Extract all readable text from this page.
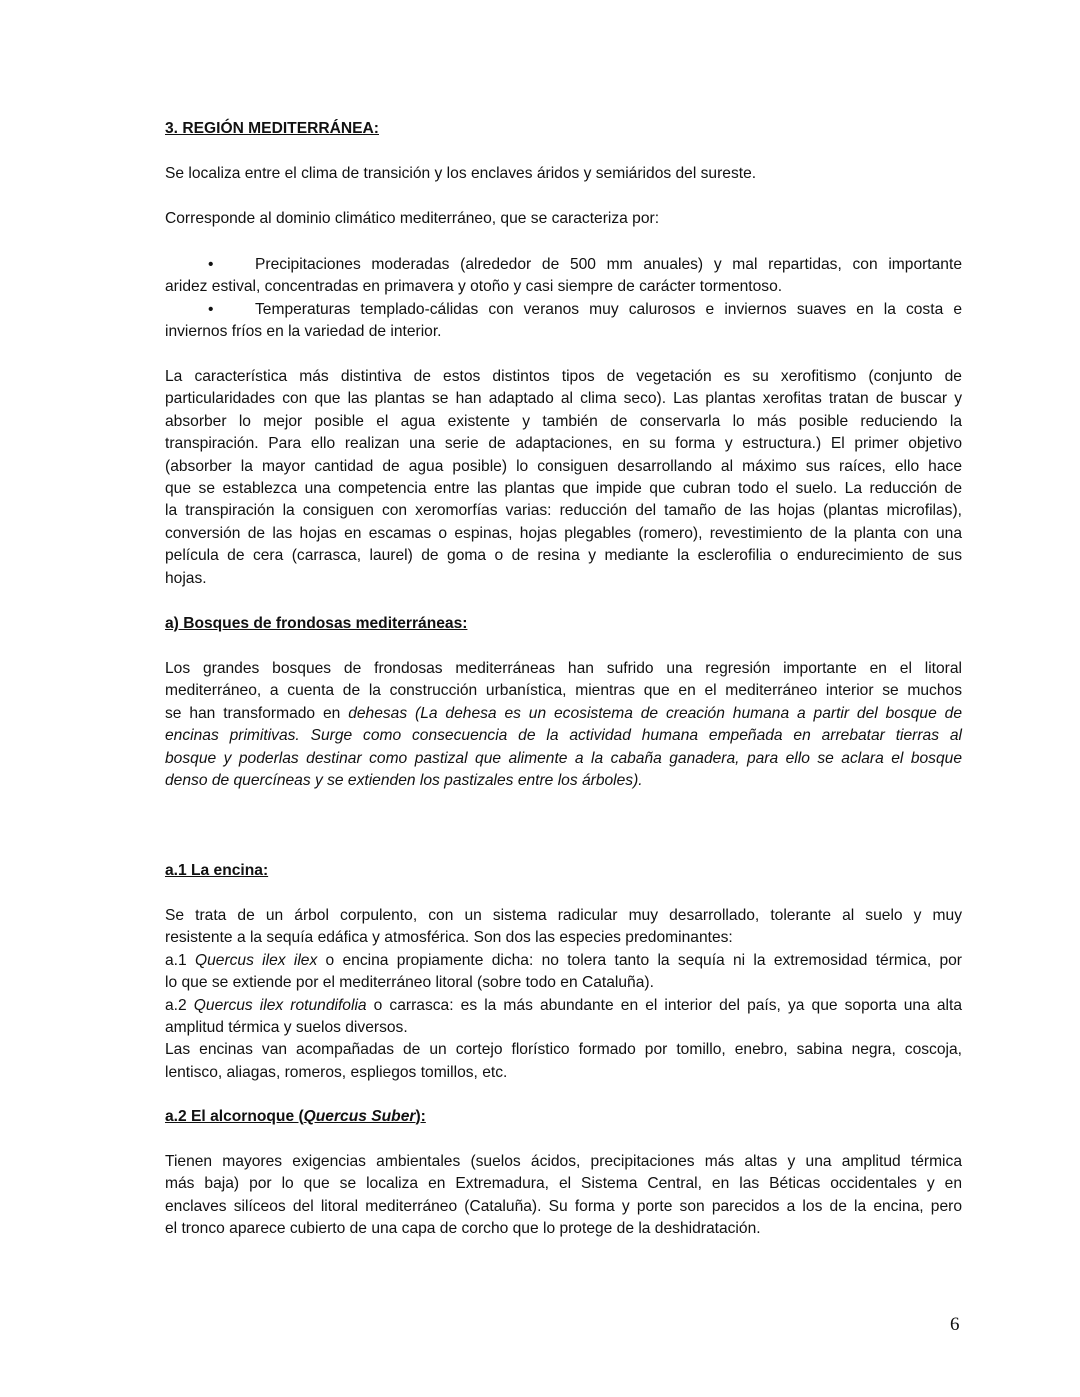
3. REGIÓN MEDITERRÁNEA:

Se localiza entre el clima de transición y los enclaves áridos y semiáridos del sureste.

Corresponde al dominio climático mediterráneo, que se caracteriza por:

•	Precipitaciones moderadas (alrededor de 500 mm anuales) y mal repartidas, con importante
aridez estival, concentradas en primavera y otoño y casi siempre de carácter tormentoso.
•	Temperaturas templado-cálidas con veranos muy calurosos e inviernos suaves en la costa e
inviernos fríos en la variedad de interior.
La característica más distintiva de estos distintos tipos de vegetación es su xerofitismo (conjunto de
particularidades con que las plantas se han adaptado al clima seco). Las plantas xerofitas tratan de buscar y
absorber lo mejor posible el agua existente y también de conservarla lo más posible reduciendo la
transpiración. Para ello realizan una serie de adaptaciones, en su forma y estructura.) El primer objetivo
(absorber la mayor cantidad de agua posible) lo consiguen desarrollando al máximo sus raíces, ello hace
que se establezca una competencia entre las plantas que impide que cubran todo el suelo. La reducción de
la transpiración la consiguen con xeromorfías varias: reducción del tamaño de las hojas (plantas microfilas),
conversión de las hojas en escamas o espinas, hojas plegables (romero), revestimiento de la planta con una
película de cera (carrasca, laurel) de goma o de resina y mediante la esclerofilia o endurecimiento de sus
hojas.

a) Bosques de frondosas mediterráneas:

Los grandes bosques de frondosas mediterráneas han sufrido una regresión importante en el litoral
mediterráneo, a cuenta de la construcción urbanística, mientras que en el mediterráneo interior se muchos
se han transformado en dehesas (La dehesa es un ecosistema de creación humana a partir del bosque de
encinas primitivas. Surge como consecuencia de la actividad humana empeñada en arrebatar tierras al
bosque y poderlas destinar como pastizal que alimente a la cabaña ganadera, para ello se aclara el bosque
denso de quercíneas y se extienden los pastizales entre los árboles).

a.1 La encina:

Se trata de un árbol corpulento, con un sistema radicular muy desarrollado, tolerante al suelo y muy
resistente a la sequía edáfica y atmosférica. Son dos las especies predominantes:
a.1 Quercus ilex ilex o encina propiamente dicha: no tolera tanto la sequía ni la extremosidad térmica, por
lo que se extiende por el mediterráneo litoral (sobre todo en Cataluña).
a.2 Quercus ilex rotundifolia o carrasca: es la más abundante en el interior del país, ya que soporta una alta
amplitud térmica y suelos diversos.
Las encinas van acompañadas de un cortejo florístico formado por tomillo, enebro, sabina negra, coscoja,
lentisco, aliagas, romeros, espliegos tomillos, etc.

a.2 El alcornoque (Quercus Suber):

Tienen mayores exigencias ambientales (suelos ácidos, precipitaciones más altas y una amplitud térmica
más baja) por lo que se localiza en Extremadura, el Sistema Central, en las Béticas occidentales y en
enclaves silíceos del litoral mediterráneo (Cataluña). Su forma y porte son parecidos a los de la encina, pero
el tronco aparece cubierto de una capa de corcho que lo protege de la deshidratación.
6
